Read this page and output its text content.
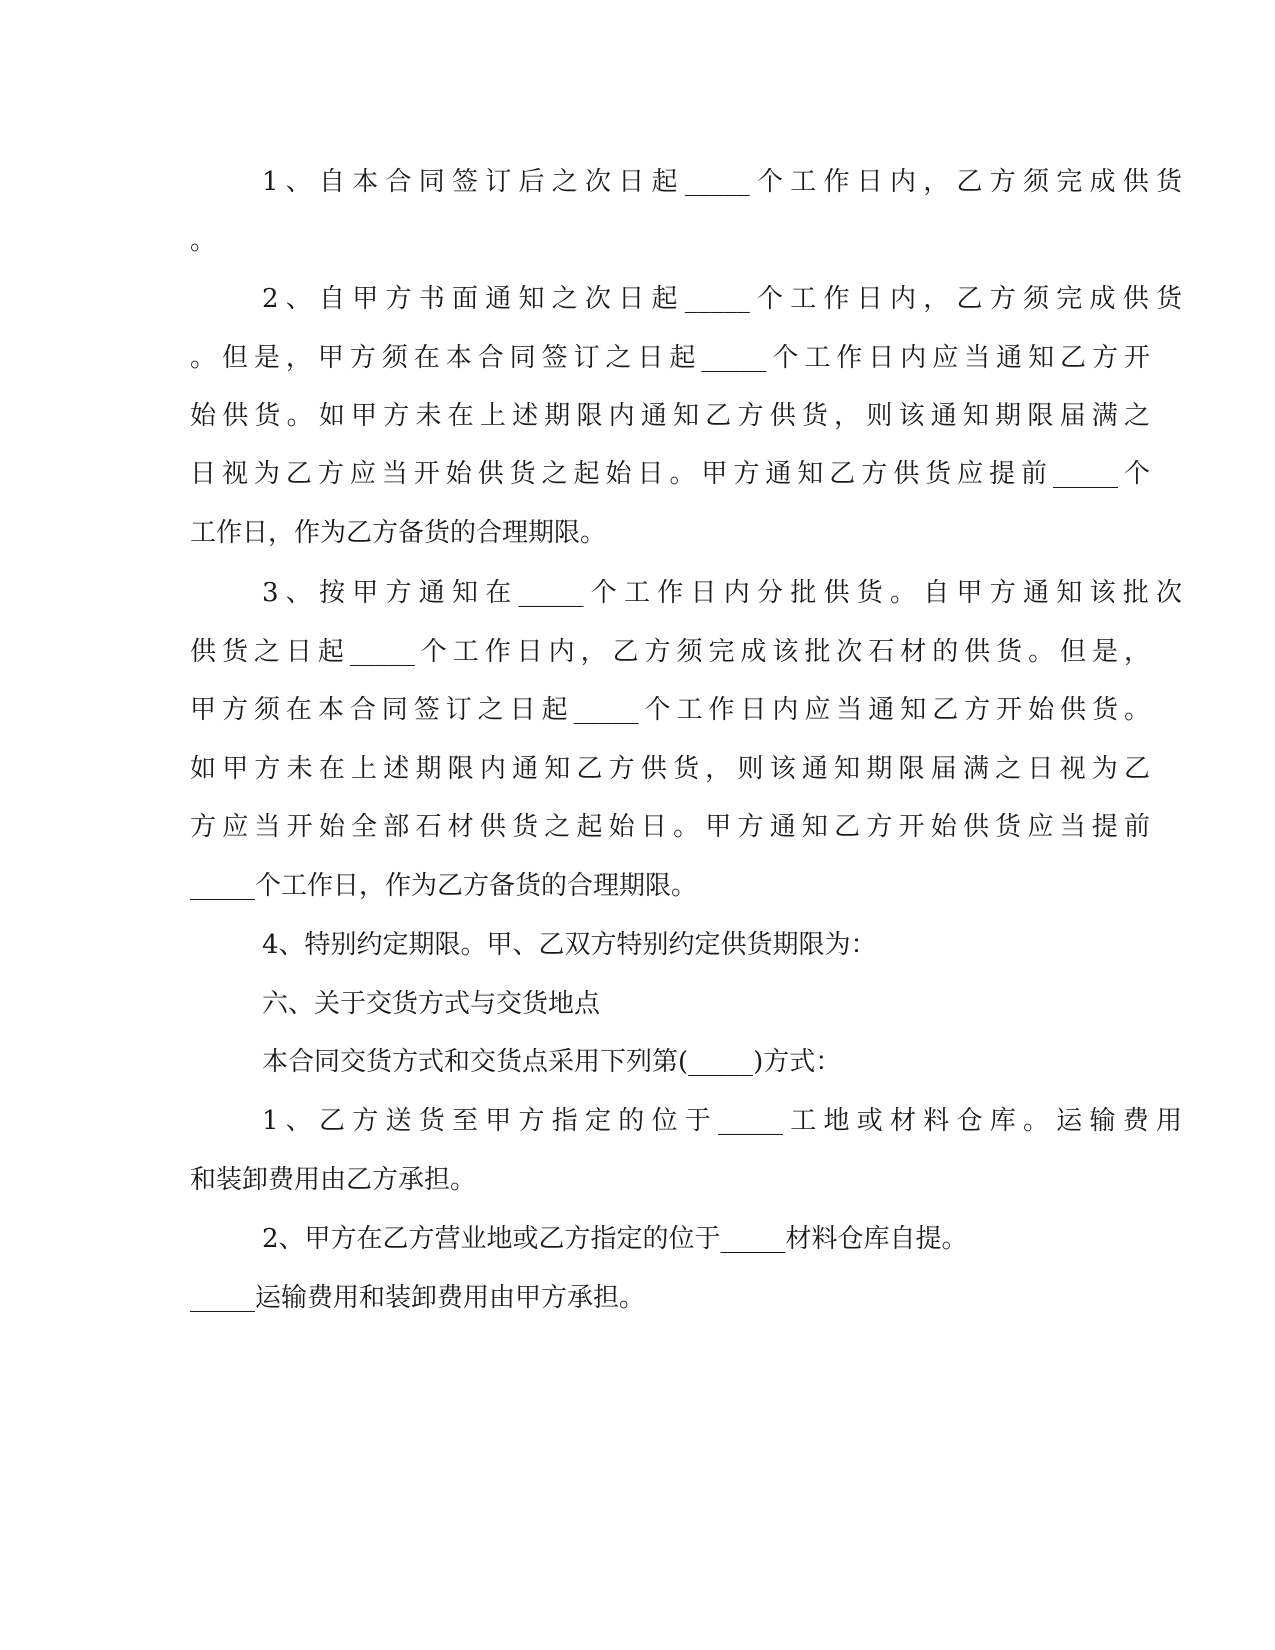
1、自本合同签订后之次日起_____个工作日内，乙方须完成供货

。

2、自甲方书面通知之次日起_____个工作日内，乙方须完成供货

。但是，甲方须在本合同签订之日起_____个工作日内应当通知乙方开

始供货。如甲方未在上述期限内通知乙方供货，则该通知期限届满之

日视为乙方应当开始供货之起始日。甲方通知乙方供货应提前_____个

工作日，作为乙方备货的合理期限。

3、按甲方通知在_____个工作日内分批供货。自甲方通知该批次

供货之日起_____个工作日内，乙方须完成该批次石材的供货。但是，

甲方须在本合同签订之日起_____个工作日内应当通知乙方开始供货。

如甲方未在上述期限内通知乙方供货，则该通知期限届满之日视为乙

方应当开始全部石材供货之起始日。甲方通知乙方开始供货应当提前

_____个工作日，作为乙方备货的合理期限。

4、特别约定期限。甲、乙双方特别约定供货期限为：

六、关于交货方式与交货地点

本合同交货方式和交货点采用下列第(_____)方式：

1、乙方送货至甲方指定的位于_____工地或材料仓库。运输费用

和装卸费用由乙方承担。

2、甲方在乙方营业地或乙方指定的位于_____材料仓库自提。

_____运输费用和装卸费用由甲方承担。
